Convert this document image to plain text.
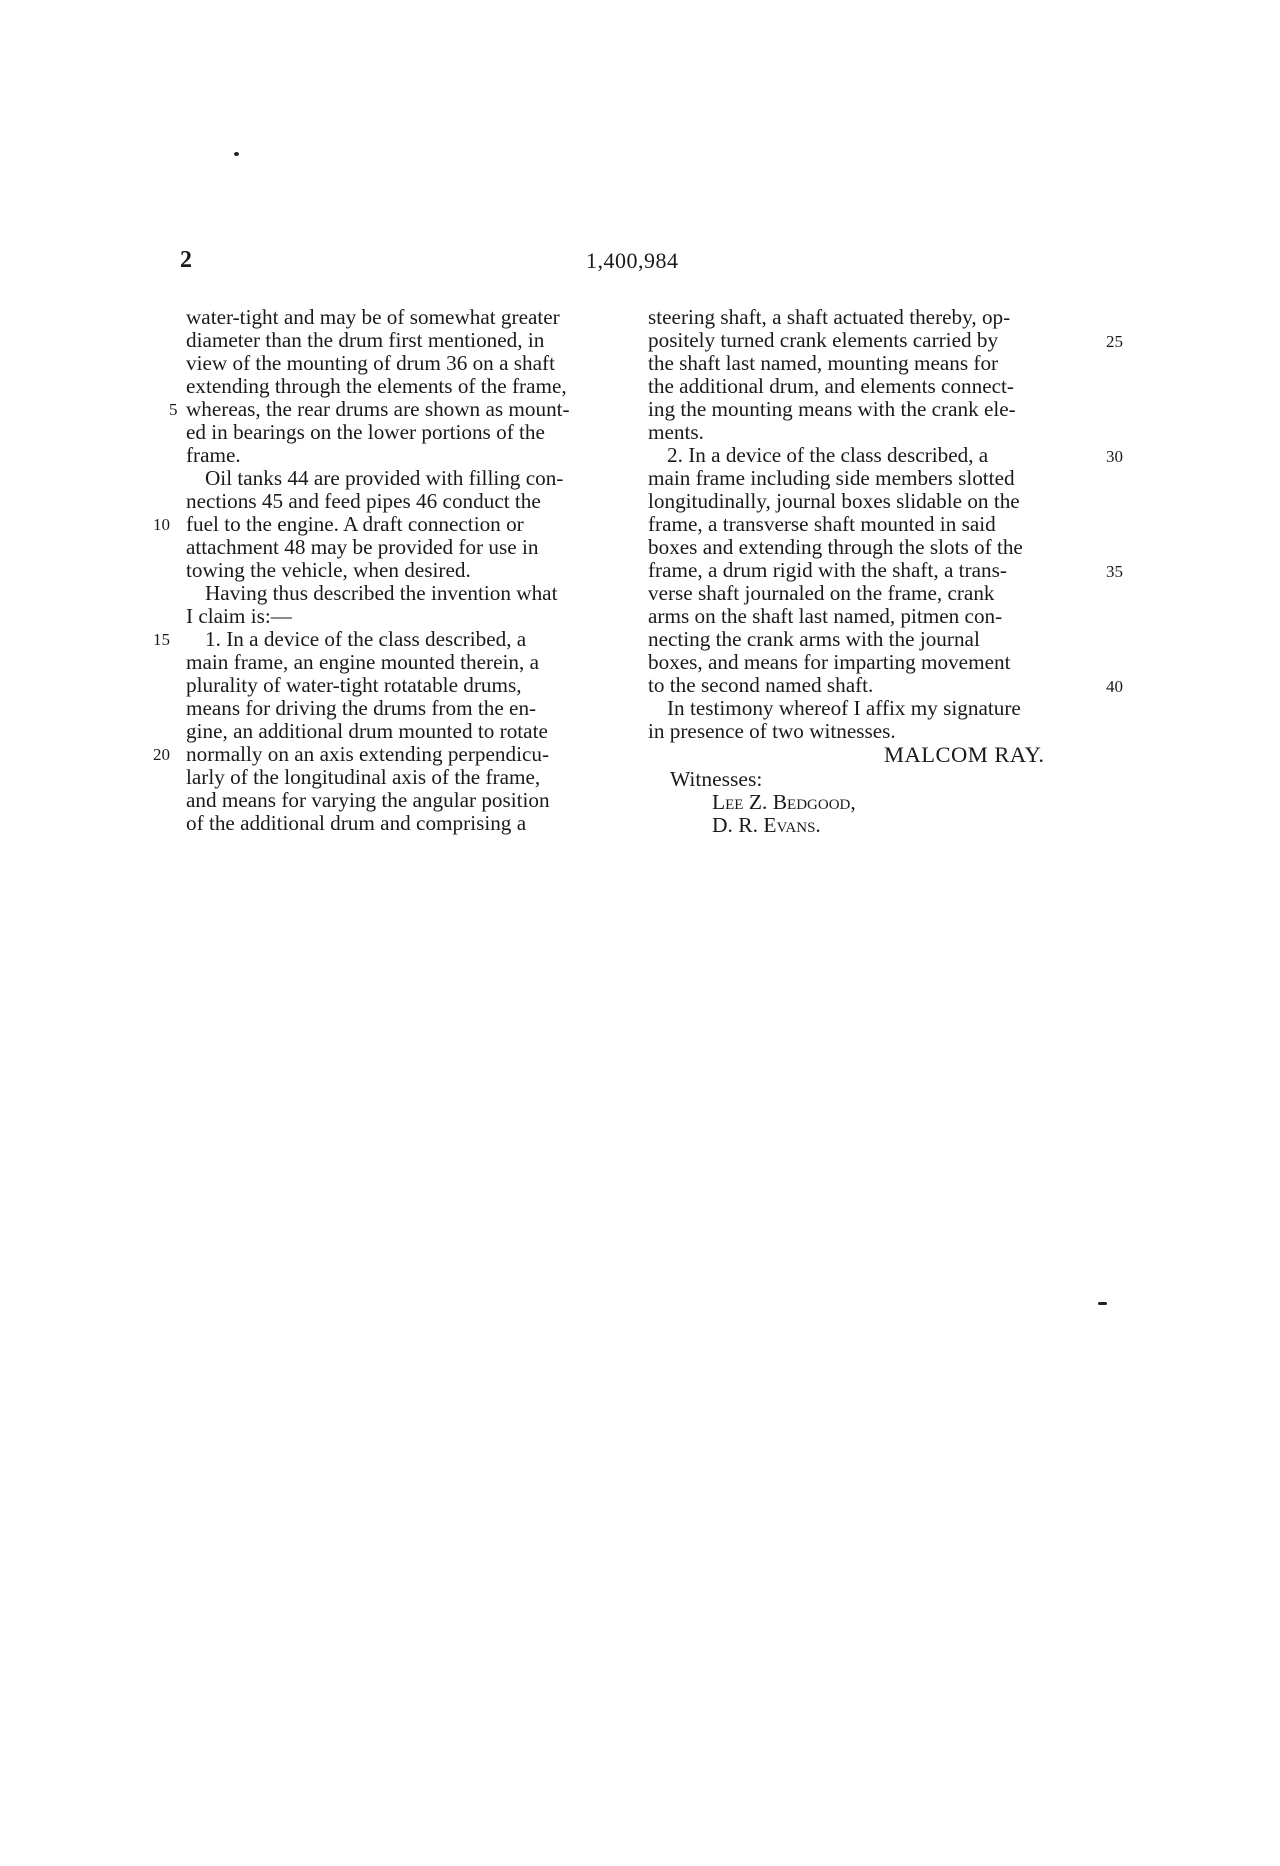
2	1,400,984
water-tight and may be of somewhat greater
diameter than the drum first mentioned, in
view of the mounting of drum 36 on a shaft
extending through the elements of the frame,
whereas, the rear drums are shown as mount-
ed in bearings on the lower portions of the
frame.
Oil tanks 44 are provided with filling con-
nections 45 and feed pipes 46 conduct the
fuel to the engine. A draft connection or
attachment 48 may be provided for use in
towing the vehicle, when desired.
Having thus described the invention what
I claim is:—
1. In a device of the class described, a
main frame, an engine mounted therein, a
plurality of water-tight rotatable drums,
means for driving the drums from the en-
gine, an additional drum mounted to rotate
normally on an axis extending perpendicu-
larly of the longitudinal axis of the frame,
and means for varying the angular position
of the additional drum and comprising a
5
10
15
20
steering shaft, a shaft actuated thereby, op-
positely turned crank elements carried by
the shaft last named, mounting means for
the additional drum, and elements connect-
ing the mounting means with the crank ele-
ments.
2. In a device of the class described, a
main frame including side members slotted
longitudinally, journal boxes slidable on the
frame, a transverse shaft mounted in said
boxes and extending through the slots of the
frame, a drum rigid with the shaft, a trans-
verse shaft journaled on the frame, crank
arms on the shaft last named, pitmen con-
necting the crank arms with the journal
boxes, and means for imparting movement
to the second named shaft.
In testimony whereof I affix my signature
in presence of two witnesses.
25
30
35
40
MALCOM RAY.
Witnesses:
Lee Z. Bedgood,
D. R. Evans.
